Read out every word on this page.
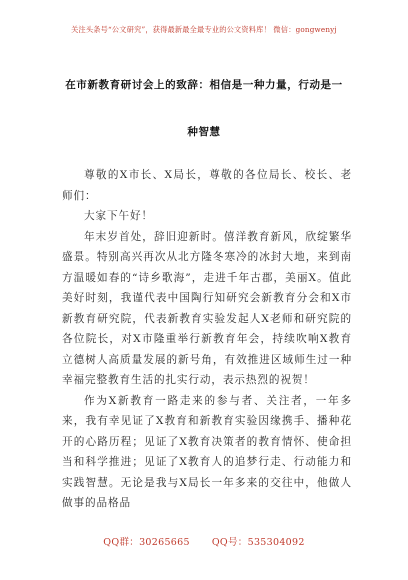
关注头条号“公文研究”，获得最新最全最专业的公文资料库！ 微信：gongwenyj
在市新教育研讨会上的致辞：相信是一种力量，行动是一
种智慧

尊敬的X市长、X局长，尊敬的各位局长、校长、老师们：

大家下午好！

年末岁首处，辞旧迎新时。僖洋教育新风，欣绽繁华盛景。特别高兴再次从北方隆冬寒冷的冰封大地，来到南方温暖如春的“诗乡歌海”，走进千年古郡，美丽X。值此美好时刻，我谨代表中国陶行知研究会新教育分会和X市新教育研究院，代表新教育实验发起人X老师和研究院的各位院长，对X市隆重举行新教育年会，持续吹响X教育立德树人高质量发展的新号角，有效推进区域师生过一种幸福完整教育生活的扎实行动，表示热烈的祝贺！

作为X新教育一路走来的参与者、关注者，一年多来，我有幸见证了X教育和新教育实验因缘携手、播种花开的心路历程；见证了X教育决策者的教育情怀、使命担当和科学推进；见证了X教育人的追梦行走、行动能力和实践智慧。无论是我与X局长一年多来的交往中，他做人做事的品格品

QQ群：30265665 QQ号：535304092
